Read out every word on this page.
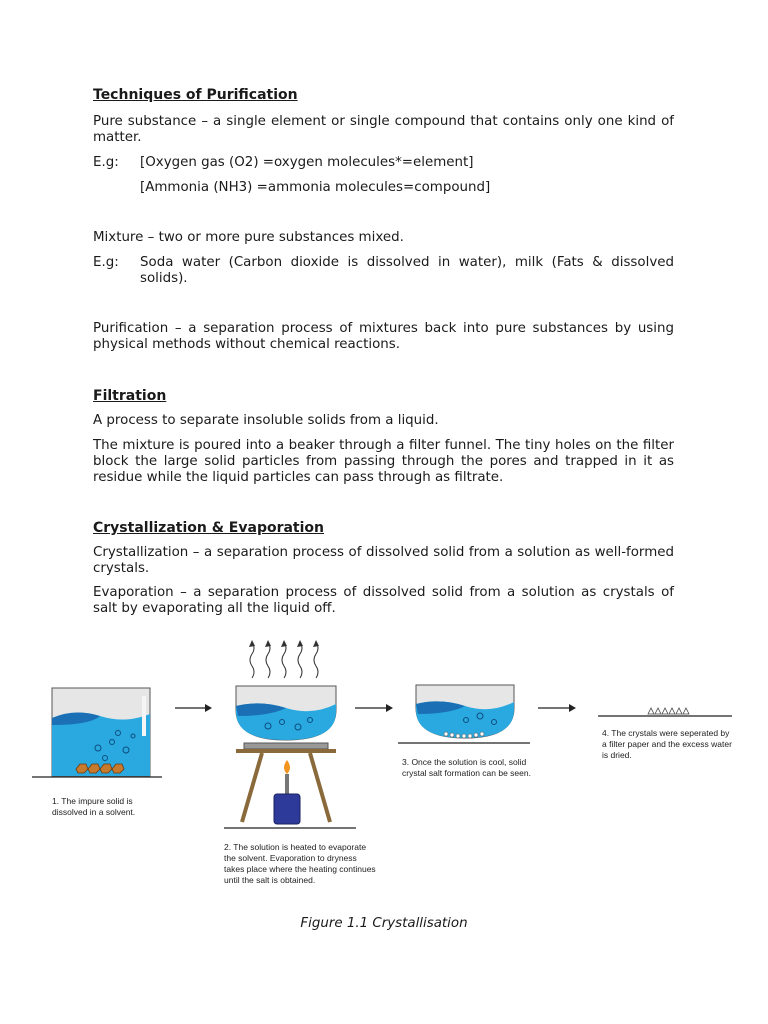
Techniques of Purification

Pure substance – a single element or single compound that contains only one kind of matter.

E.g:	[Oxygen gas (O2) =oxygen molecules*=element]

[Ammonia (NH3) =ammonia molecules=compound]

Mixture – two or more pure substances mixed.

E.g:	Soda water (Carbon dioxide is dissolved in water), milk (Fats & dissolved solids).

Purification – a separation process of mixtures back into pure substances by using physical methods without chemical reactions.

Filtration

A process to separate insoluble solids from a liquid.

The mixture is poured into a beaker through a filter funnel. The tiny holes on the filter block the large solid particles from passing through the pores and trapped in it as residue while the liquid particles can pass through as filtrate.

Crystallization & Evaporation

Crystallization – a separation process of dissolved solid from a solution as well-formed crystals.

Evaporation – a separation process of dissolved solid from a solution as crystals of salt by evaporating all the liquid off.

1. The impure solid is dissolved in a solvent.
2. The solution is heated to evaporate the solvent. Evaporation to dryness takes place where the heating continues until the salt is obtained.
3. Once the solution is cool, solid crystal salt formation can be seen.
4. The crystals were seperated by a filter paper and the excess water is dried.
Figure 1.1 Crystallisation
